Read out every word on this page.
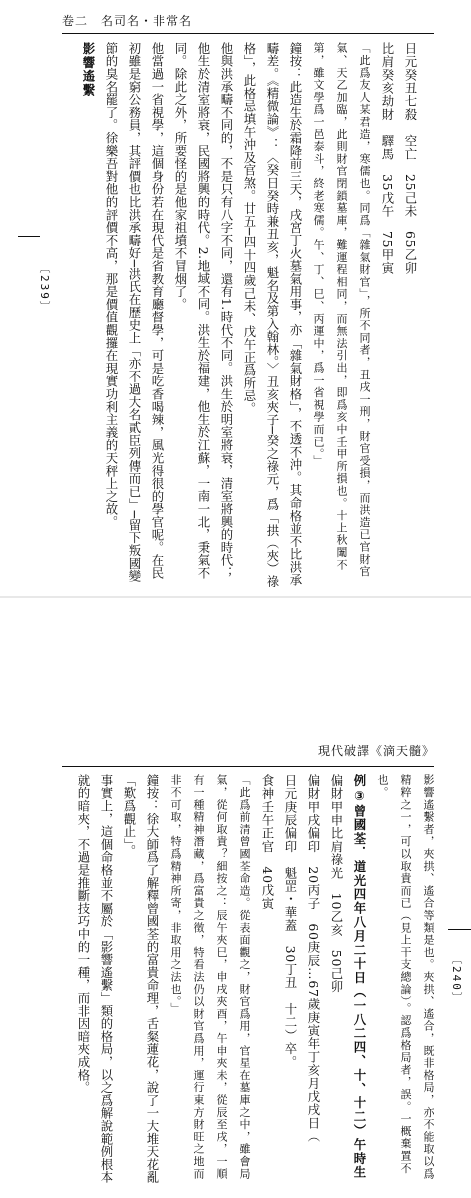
卷二　名司名・非常名
〔239〕

日元癸丑七殺　空亡　25己未　65乙卯

比肩癸亥劫財　驛馬　35戊午　75甲寅

「此爲友人某君造，寒儒也。同爲「雜氣財官」，所不同者，丑戌一刑，財官受損，而洪造已官財官氣、天乙加臨，此則財官閉鎖墓庫，難運程相同，而無法引出，即爲亥中壬甲所損也。十上秋闈不第，雖文學爲一邑泰斗，終老寒儒。午、丁、巳、丙運中，爲一省視學而已。」

鐘按：此造生於霜降前三天，戌宮丁火墓氣用事，亦「雜氣財格」，不透不沖。其命格並不比洪承疇差。《精微論》：〈癸日癸時兼丑亥，魁名及第入翰林。〉丑亥夾子─癸之祿元，爲「拱（夾）祿格」，此格忌填午沖及官煞。廿五─四十四歲己未、戊午正爲所忌。

他與洪承疇不同的，不是只有八字不同，還有1.時代不同。洪生於明室將衰，清室將興的時代；他生於清室將衰，民國將興的時代。2.地域不同。洪生於福建，他生於江蘇，一南一北，秉氣不同。除此之外，所要怪的是他家祖墳不冒烟了。

他當過一省視學，這個身份若在現代是省教育廳督學，可是吃香喝辣，風光得很的學官呢。在民初雖是窮公務員，其評價也比洪承疇好─洪氏在歷史上「亦不過大名貳臣列傳而已」─留下叛國變節的臭名罷了。徐樂吾對他的評價不高，那是價值觀攞在現實功利主義的天秤上之故。

影響遙繫

現代破譯《滴天髓》
〔240〕

影響遙繫者，夾拱、遙合等類是也。夾拱、遙合，既非格局，亦不能取以爲精粹之一，可以取貴而已（見上干支總論）。認爲格局者，誤。一概棄置不也。

例③曾國荃．道光四年八月二十日（一八二四、十、十二）午時生

偏財甲申比肩祿光　10乙亥　50己卯

偏財甲戌偏印　20丙子　60庚辰…67歲庚寅年丁亥月戊戌日（

日元庚辰偏印　魁罡・華蓋　30丁丑　十二）卒。

食神壬午正官　40戊寅

「此爲前清曾國荃命造。從表面觀之，財官爲用，官星在墓庫之中，雖會局氣，從何取貴？細按之：辰午夾巳，申戌夾酉，午申夾未，從辰至戌，一順有一種精神潛藏，爲富貴之徵，特看法仍以財官爲用，運行東方財旺之地而非不可取，特爲精神所寄，非取用之法也。」

鐘按：徐大師爲了解釋曾國荃的富貴命理，舌粲蓮花，說了一大堆天花亂「歎爲觀止」。

事實上，這個命格並不屬於「影響遙繫」類的格局，以之爲解說範例根本就的暗夾，不過是推斷技巧中的一種，而非因暗夾成格。
